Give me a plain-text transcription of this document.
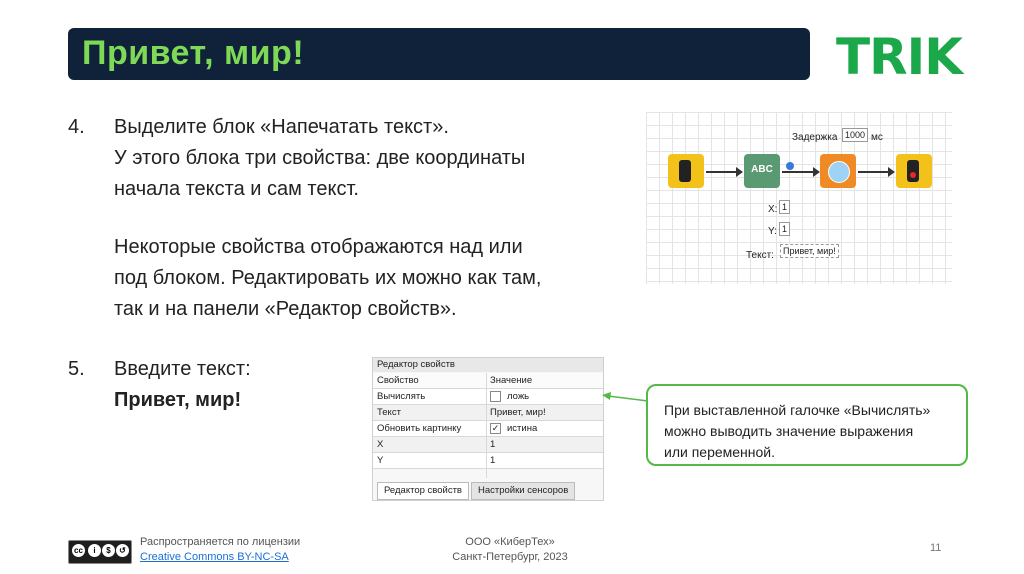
Привет, мир!	TRIK
4. Выделите блок «Напечатать текст».
У этого блока три свойства: две координаты
начала текста и сам текст.
Некоторые свойства отображаются над или
под блоком. Редактировать их можно как там,
так и на панели «Редактор свойств».
5. Введите текст:
Привет, мир!
Задержка 1000 мс
ABC
X: 1
Y: 1
Текст:	Привет, мир!
Редактор свойств
Свойство	Значение
Вычислять	ложь
Текст	Привет, мир!
Обновить картинку	✓ истина
X	1
Y	1
Редактор свойств	Настройки сенсоров
При выставленной галочке «Вычислять»
можно выводить значение выражения
или переменной.
cc	i	$	↺
Распространяется по лицензии
Creative Commons BY-NC-SA
ООО «КиберТех»
Санкт-Петербург, 2023
11
